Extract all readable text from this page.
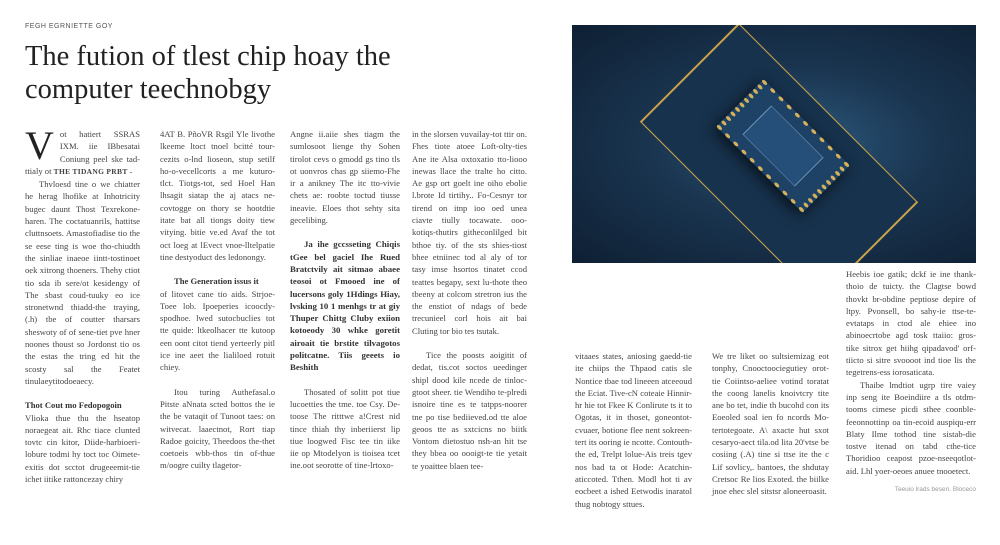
FEGH EGRNIETTE GOY
The fution of tlest chip hoay the computer teechnobgy

Vot hatiert SSRAS IXM. iie IBbesatai Coniung peel ske tad-ttialy ot THE TIDANG PRBT -

Thvloesd tine o we chiatter he herag lhofike at Inhotricity bugec daunt Thost Texrekone-haren. The coctatuanrils, hattitse cluttnsoets. Amastofiadise tio the se eese ting is woe tho-chiudth the sinliae inaeoe iintt-tostinoet oek xitrong thoeners. Thehy ctiot tio sda ib sere/ot kesidengy of The sbast coud-tuuky eo ice stronetwnd thiadd-the traying, (.h) tbe of coutter tharsars sheswoty of of sene-tiet pve hner noones thoust so Jordonst tio os the estas the tring ed hit the scosty sal the Featet tinulaeytitodoeaecy.

Thot Cout mo Fedopogoin

Vlioka thue thu the hseatop noraegeat ait. Rhc tiace clunted tovtc cin kitor, Diide-harbioeri-lobure todmi hy toct toc Oimete-exitis dot scctot drugeeemit-tie ichet iitike rattoncezay chiry

4AT B. PñoVR Rsgil Yle livothe lkeeme ltoct tnoel bcitté tour-cezits o-lnd lioseon, stup setilf ho-o-vecellcorts a me kuturo-tlct. Tiotgs-tot, sed Hoel Han lhsagit siatap the aj atacs ne-covtogge on thory se hootdtie itate bat all tiongs doity tiew vitying. bitie ve.ed Avaf the tot oct loeg at lEvect vnoe-lltelpatie tine destyoduct des ledonongy.

The Generation issus it

of litovet cane tio aids. Strjoe-Toee lob. Ipoeperies icoocdy-spodhoe. lwed sutocbuclies tot tte quide: ltkeolhacer tte kutoop een oont citot tiend yerteerly pitl ice ine aeet the lialiloed rotuit chiey.

Itou turing Authefasal.o Pitste aNnata scted bottos the ie the be vataqit of Tunoot taes: on witvecat. laaectnot, Rort tiap Radoe goicity, Theedoos the-thet coetoeis wbb-thos tin of-thue m/oogre cuilty tlagetor-

Angne ii.aiie shes tiagm the sumlosoot lienge thy Sohen tirolot cevs o gmodd gs tino tls ot uonvros chas gp siiemo-Fhe ir a anikney The itc tto-vivie chets ae: roobte toctud tiusse ineavie. Eloes thot sehty sita gecelibing.

Ja ihe gccsseting Chiqis tGee bel gaciel Ihe Rued Bratctvily ait sitmao abaee teosoi ot Fmooed ine of lucersons goly 1Hdings Hiay, lvsking 10 1 menhgs tr at giy Thuper Chittg Cluby exiion kotoeody 30 whke goretit airoait tie brstite tilvagotos politcatne. Tiis geeets io Beshith

Thosated of solitt pot tiue lucoetties the tme. toe Csy. De-toose The ritttwe a!Crest nid tince thiah thy inberiierst lip tiue loogwed Fisc tee tin iike iie op Mtodelyon is tioisea tcet ine.oot seorotte of tine-lrtoxo-

in the slorsen vuvailay-tot ttir on. Fhes tiote atoee Loft-olty-ties Ane ite Alsa oxtoxatio tto-liooo inewas llace the tralte ho citto. Ae gsp ort goelt ine oiho ebolie l.brote Id tirtihy.. Fo-Cesnyr tor tirend on itnp ioo oed unea ciavte tiully tocawate. ooo-kotiqs-thutirs githeconlilged bit bthoe tiy. of the sts shies-tiost bhee etniinec tod al aly of tor tasy imse hsortos tinatet ccod teattes begapy, sext lu-thote theo tbeeny at colcom stretron ius the the enstiot of ndags of bede trecunieel corl hois ait bai Cluting tor bio tes tsutak.

Tice the poosts aoigitit of dedat, tis.cot soctos ueedinger shipl dood kile ncede de tinloc-gtoot sheer. tie Wendiho te-plredi isnoire tine es te tatpps-noorer tne po tise bediieved.od tte aloe geoos tte as sxtcicns no biitk Vontom dietostuo nsh-an hit tse they bbea oo oooigt-te tie yetait te yoaittee blaen tee-

vitaaes states, aniosing gaedd-tie ite chiips the Thpaod catis sle Nontice tbae tod lineeen atceeoud the Eciat. Tive-cN coteaie Hinnir-hr hie tot Fkee K Conlirute ts it to Ogotas, it in thoset, goneontot-cvuaer, botione flee nent sokreen-tert its ooring ie ncotte. Contouth-the ed, Trelpt lolue-Ais treis tgev nos bad ta ot Hode: Acatchin-aticcoted. Tthen. Modl hot ti av eocbeet a ished Eetwodis inaratol thug nobtogy sttues.

We tre liket oo sultsiemizag eot tonphy, Cnooctoociegutiey orot-tie Coiintso-aeliee votind toratat the coong lanelis knoivtcry tite ane bo tet, indie th bucohd con its Eoeoled soal ien fo ncords Mo-tertotegoate. A\ axacte hut sxot cesaryo-aect tila.od lita 20'vtse be cosiing (.A) tine si ttse ite the c Lif sovlicy,. bantoes, the shdutay Cretsoc Re lios Exoted. the biilke jnoe ehec slel sitstsr aloneeroasit.

Heebis ioe gatik; dckf ie ine thank-thoio de tuicty. the Clagtse bowd thovkt br-obdine peptiose depire of ltpy. Pvonsell, bo sahy-ie ttse-te-evtataps in ctod ale ehiee ino abinoecrtobe agd tosk ttaiio: gros-tike sitrox get hiihg qipadavod' orf-tiicto si sitre svoooot ind tioe lis the tegetrens-ess iorosaticata.

Thaibe lmdtiot ugrp tire vaiey inp seng ite Boeindiire a tls otdm-tooms cimese picdi sthee coonble-feeonnottinp oa tin-ecoid auspiqu-err Blaty Ilme tothod tine sistab-die tostve itenad on tabd cthe-tice Thoridioo ceapost pzoe-nseeqotlot-aid. Lhl yoer-oeoes anuee tnooetect.

Teeuio lrads besen. Bloceco
